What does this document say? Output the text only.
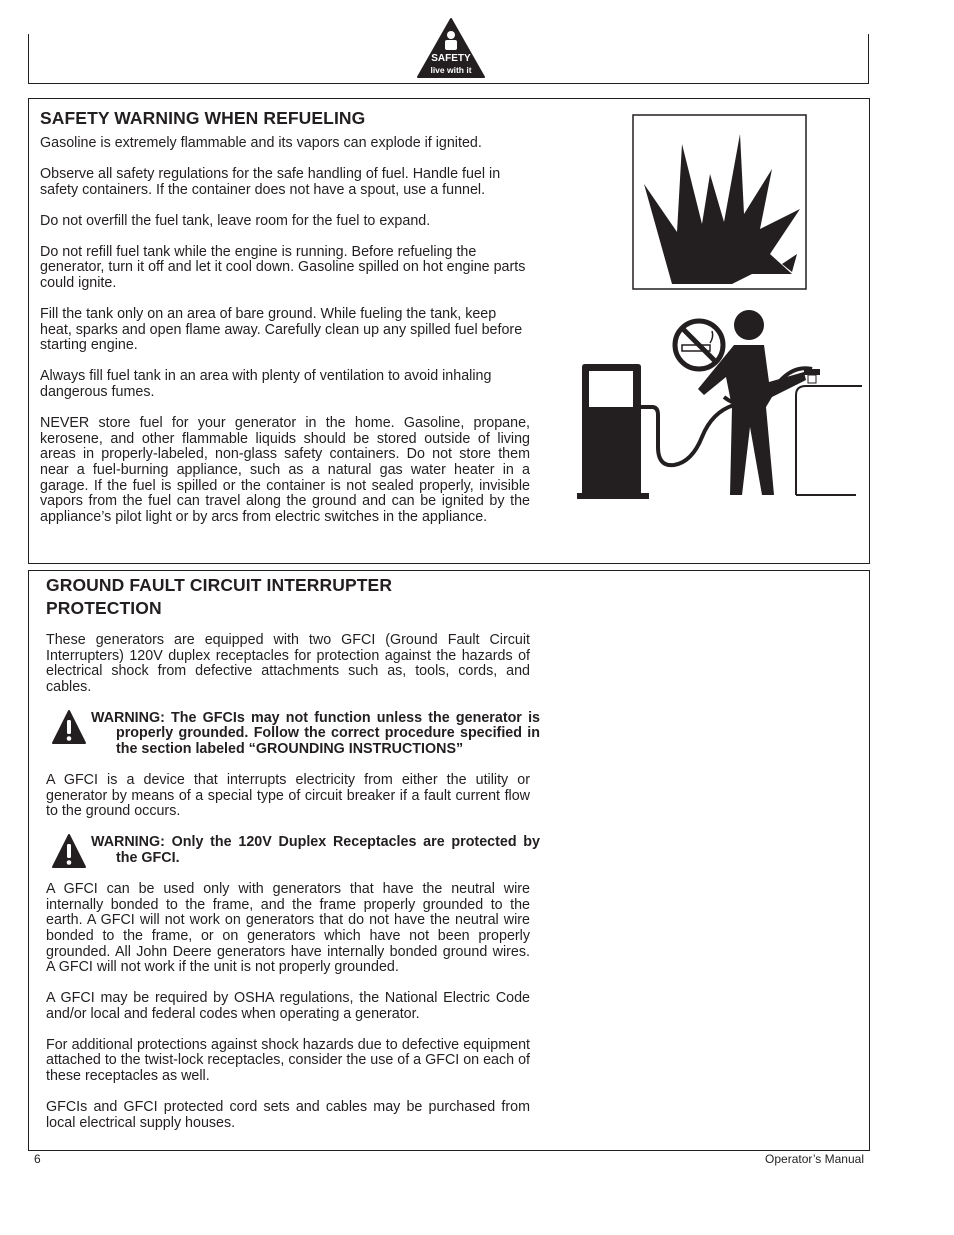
SAFETY
live with it
SAFETY WARNING WHEN REFUELING

Gasoline is extremely flammable and its vapors can explode if ignited.

Observe all safety regulations for the safe handling of fuel. Handle fuel in safety containers. If the container does not have a spout, use a funnel.

Do not overfill the fuel tank, leave room for the fuel to expand.

Do not refill fuel tank while the engine is running. Before refueling the generator, turn it off and let it cool down. Gasoline spilled on hot engine parts could ignite.

Fill the tank only on an area of bare ground. While fueling the tank, keep heat, sparks and open flame away. Carefully clean up any spilled fuel before starting engine.

Always fill fuel tank in an area with plenty of ventilation to avoid inhaling dangerous fumes.

NEVER store fuel for your generator in the home. Gasoline, propane, kerosene, and other flammable liquids should be stored outside of living areas in properly-labeled, non-glass safety containers. Do not store them near a fuel-burning appliance, such as a natural gas water heater in a garage. If the fuel is spilled or the container is not sealed properly, invisible vapors from the fuel can travel along the ground and can be ignited by the appliance’s pilot light or by arcs from electric switches in the appliance.

GROUND FAULT CIRCUIT INTERRUPTER
PROTECTION

These generators are equipped with two GFCI (Ground Fault Circuit Interrupters) 120V duplex receptacles for protection against the hazards of electrical shock from defective attachments such as, tools, cords, and cables.

WARNING: The GFCIs may not function unless the generator is properly grounded. Follow the correct procedure specified in the section labeled “GROUNDING INSTRUCTIONS”

A GFCI is a device that interrupts electricity from either the utility or generator by means of a special type of circuit breaker if a fault current flow to the ground occurs.

WARNING: Only the 120V Duplex Receptacles are protected by the GFCI.

A GFCI can be used only with generators that have the neutral wire internally bonded to the frame, and the frame properly grounded to the earth. A GFCI will not work on generators that do not have the neutral wire bonded to the frame, or on generators which have not been properly grounded. All John Deere generators have internally bonded ground wires. A GFCI will not work if the unit is not properly grounded.

A GFCI may be required by OSHA regulations, the National Electric Code and/or local and federal codes when operating a generator.

For additional protections against shock hazards due to defective equipment attached to the twist-lock receptacles, consider the use of a GFCI on each of these receptacles as well.

GFCIs and GFCI protected cord sets and cables may be purchased from local electrical supply houses.

6	Operator’s Manual
